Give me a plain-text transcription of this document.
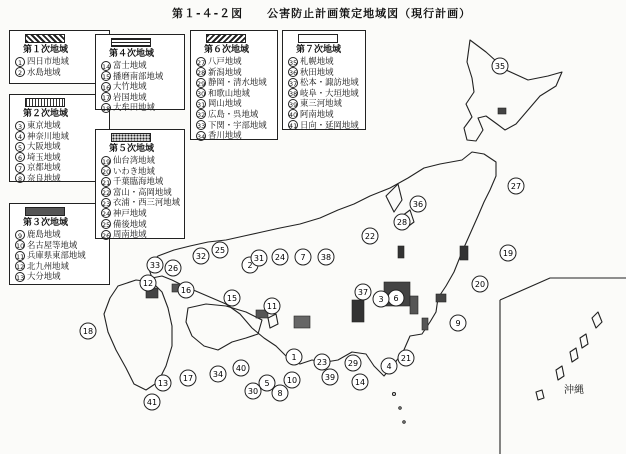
第１‐４‐２図　　公害防止計画策定地域図（現行計画）
第１次地域
1 四日市地域
2 水島地域
第２次地域
3 東京地域
4 神奈川地域
5 大阪地域
6 埼玉地域
7 京都地域
8 奈良地域
第３次地域
9 鹿島地域
10 名古屋等地域
11 兵庫県東部地域
12 北九州地域
13 大分地域
第４次地域
14 富士地域
15 播磨南部地域
16 大竹地域
17 岩国地域
18 大牟田地域
第５次地域
19 仙台湾地域
20 いわき地域
21 千葉臨海地域
22 富山・高岡地域
23 衣浦・西三河地域
24 神戸地域
25 備後地域
26 周南地域
第６次地域
27 八戸地域
28 新潟地域
29 静岡・清水地域
30 和歌山地域
31 岡山地域
32 広島・呉地域
33 下関・宇部地域
34 香川地域
第７次地域
35 札幌地域
36 秋田地域
37 松本・諏訪地域
38 岐阜・大垣地域
39 東三河地域
40 阿南地域
41 日向・延岡地域
35
27
36
28
19
22
20
9
6
3
37
4
21
14
29
39
23
10
1
8
5
30
40
34
38
7
24
2
31
32
25
17
33 26
12
18
13
41
11
15
16
沖縄
